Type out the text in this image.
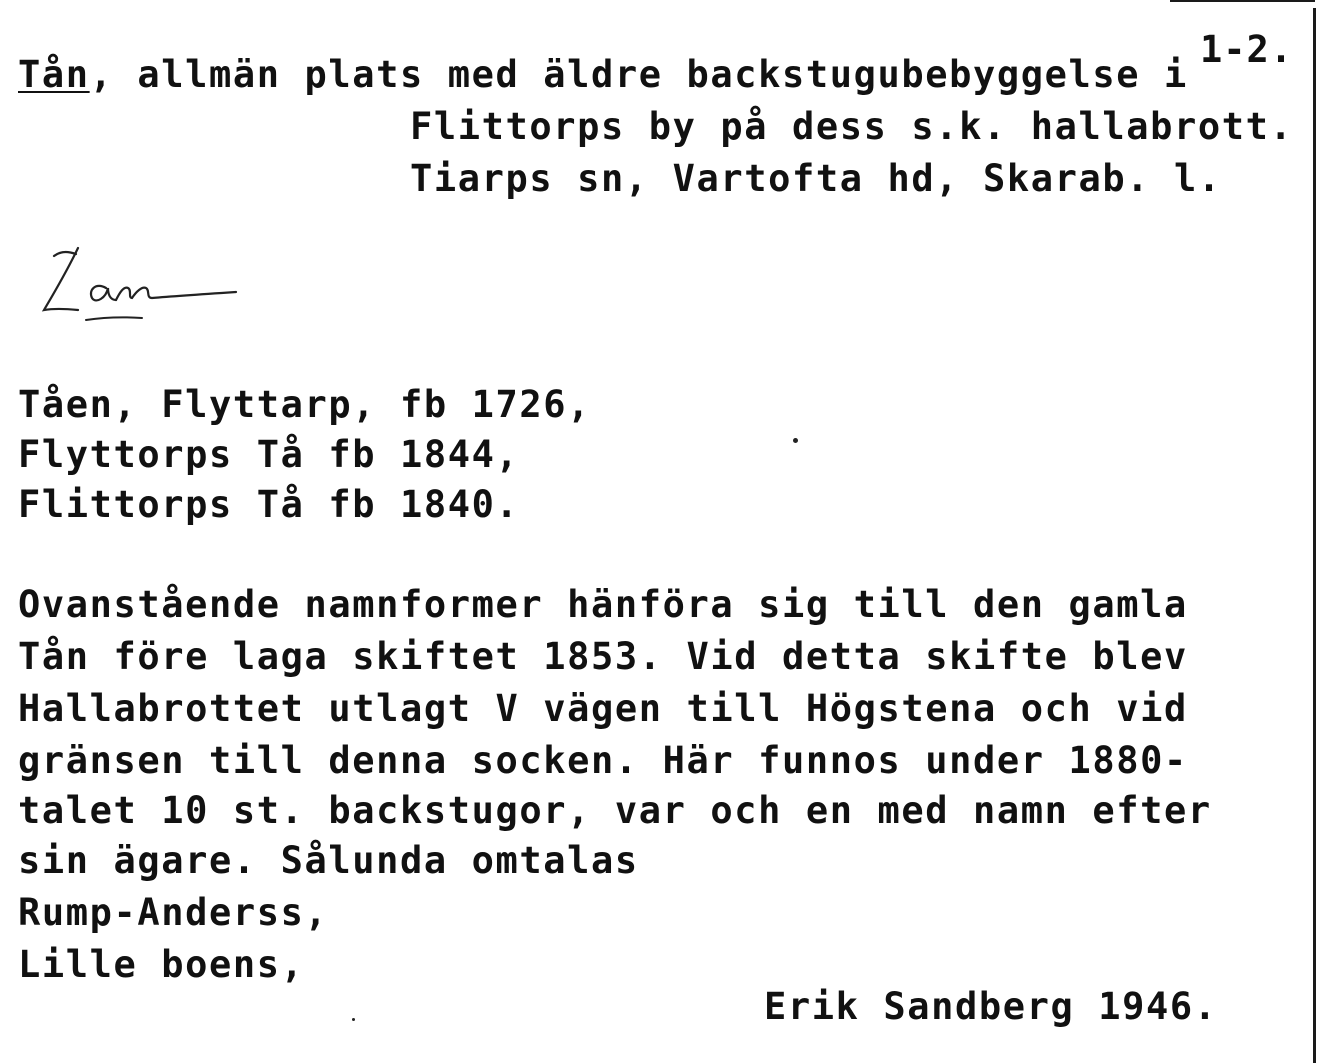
1-2.
Tån, allmän plats med äldre backstugubebyggelse i
Flittorps by på dess s.k. hallabrott.
Tiarps sn, Vartofta hd, Skarab. l.
Tåen, Flyttarp, fb 1726,
Flyttorps Tå fb 1844,
Flittorps Tå fb 1840.
Ovanstående namnformer hänföra sig till den gamla
Tån före laga skiftet 1853. Vid detta skifte blev
Hallabrottet utlagt V vägen till Högstena och vid
gränsen till denna socken. Här funnos under 1880-
talet 10 st. backstugor, var och en med namn efter
sin ägare. Sålunda omtalas
Rump-Anderss,
Lille boens,
Erik Sandberg 1946.
